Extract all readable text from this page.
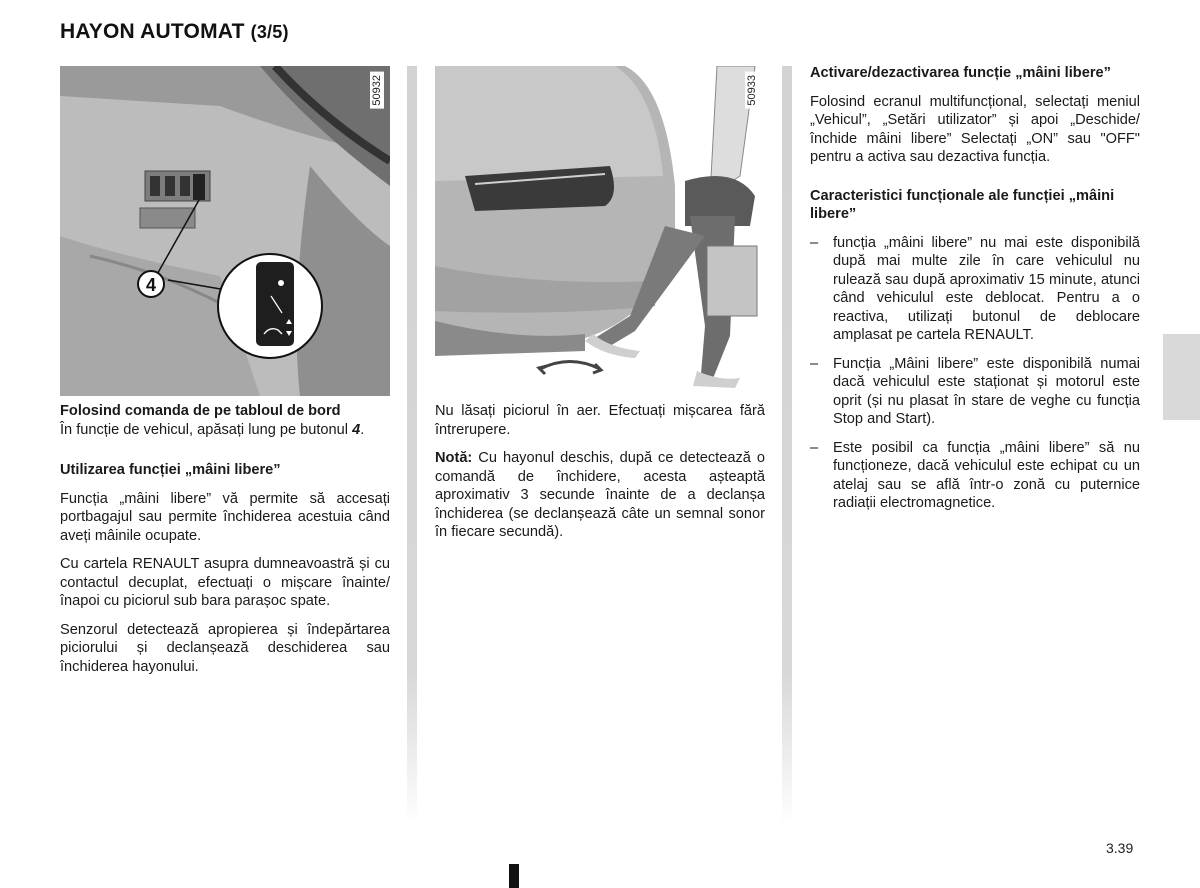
HAYON AUTOMAT (3/5)
4
50932	50933

Folosind comanda de pe tabloul de bord
În funcție de vehicul, apăsați lung pe butonul 4.

Utilizarea funcției „mâini libere”

Funcția „mâini libere” vă permite să accesați portbagajul sau permite închiderea acestuia când aveți mâinile ocupate.

Cu cartela RENAULT asupra dumneavoastră și cu contactul decuplat, efectuați o mișcare înainte/înapoi cu piciorul sub bara parașoc spate.

Senzorul detectează apropierea și îndepărtarea piciorului și declanșează deschiderea sau închiderea hayonului.

Nu lăsați piciorul în aer. Efectuați mișcarea fără întrerupere.

Notă: Cu hayonul deschis, după ce detectează o comandă de închidere, acesta așteaptă aproximativ 3 secunde înainte de a declanșa închiderea (se declanșează câte un semnal sonor în fiecare secundă).

Activare/dezactivarea funcție „mâini libere”

Folosind ecranul multifuncțional, selectați meniul „Vehicul”, „Setări utilizator” și apoi „Deschide/închide mâini libere” Selectați „ON” sau "OFF" pentru a activa sau dezactiva funcția.

Caracteristici funcționale ale funcției „mâini libere”
– funcția „mâini libere” nu mai este disponibilă după mai multe zile în care vehiculul nu rulează sau după aproximativ 15 minute, atunci când vehiculul este deblocat. Pentru a o reactiva, utilizați butonul de deblocare amplasat pe cartela RENAULT.
– Funcția „Mâini libere” este disponibilă numai dacă vehiculul este staționat și motorul este oprit (și nu plasat în stare de veghe cu funcția Stop and Start).
– Este posibil ca funcția „mâini libere” să nu funcționeze, dacă vehiculul este echipat cu un atelaj sau se află într-o zonă cu puternice radiații electromagnetice.
3.39
